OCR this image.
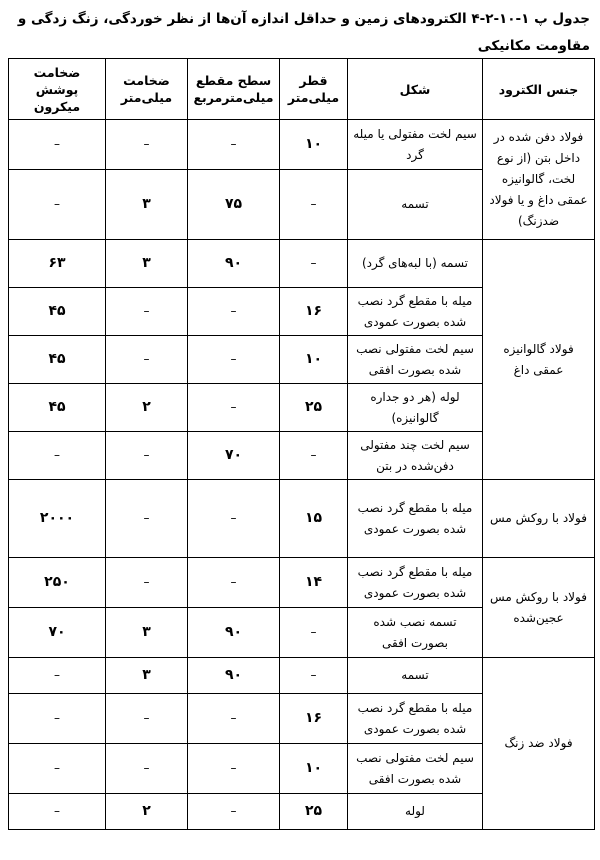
جدول پ ۱-۱۰-۲-۴ الکترودهای زمین و حداقل اندازه آن‌ها از نظر خوردگی، زنگ زدگی و مقاومت مکانیکی
جنس الکترود	شکل	قطر میلی‌متر	سطح مقطع میلی‌مترمربع	ضخامت میلی‌متر	ضخامت پوشش میکرون
فولاد دفن شده در داخل بتن (از نوع لخت، گالوانیزه عمقی داغ و یا فولاد ضدزنگ)	سیم لخت مفتولی یا میله گرد	۱۰	–	–	–
	تسمه	–	۷۵	۳	–
فولاد گالوانیزه عمقی داغ	تسمه (با لبه‌های گرد)	–	۹۰	۳	۶۳
	میله با مقطع گرد نصب شده بصورت عمودی	۱۶	–	–	۴۵
	سیم لخت مفتولی نصب شده بصورت افقی	۱۰	–	–	۴۵
	لوله (هر دو جداره گالوانیزه)	۲۵	–	۲	۴۵
	سیم لخت چند مفتولی دفن‌شده در بتن	–	۷۰	–	–
فولاد با روکش مس	میله با مقطع گرد نصب شده بصورت عمودی	۱۵	–	–	۲۰۰۰
فولاد با روکش مس عجین‌شده	میله با مقطع گرد نصب شده بصورت عمودی	۱۴	–	–	۲۵۰
	تسمه نصب شده بصورت افقی	–	۹۰	۳	۷۰
فولاد ضد زنگ	تسمه	–	۹۰	۳	–
	میله با مقطع گرد نصب شده بصورت عمودی	۱۶	–	–	–
	سیم لخت مفتولی نصب شده بصورت افقی	۱۰	–	–	–
	لوله	۲۵	–	۲	–
